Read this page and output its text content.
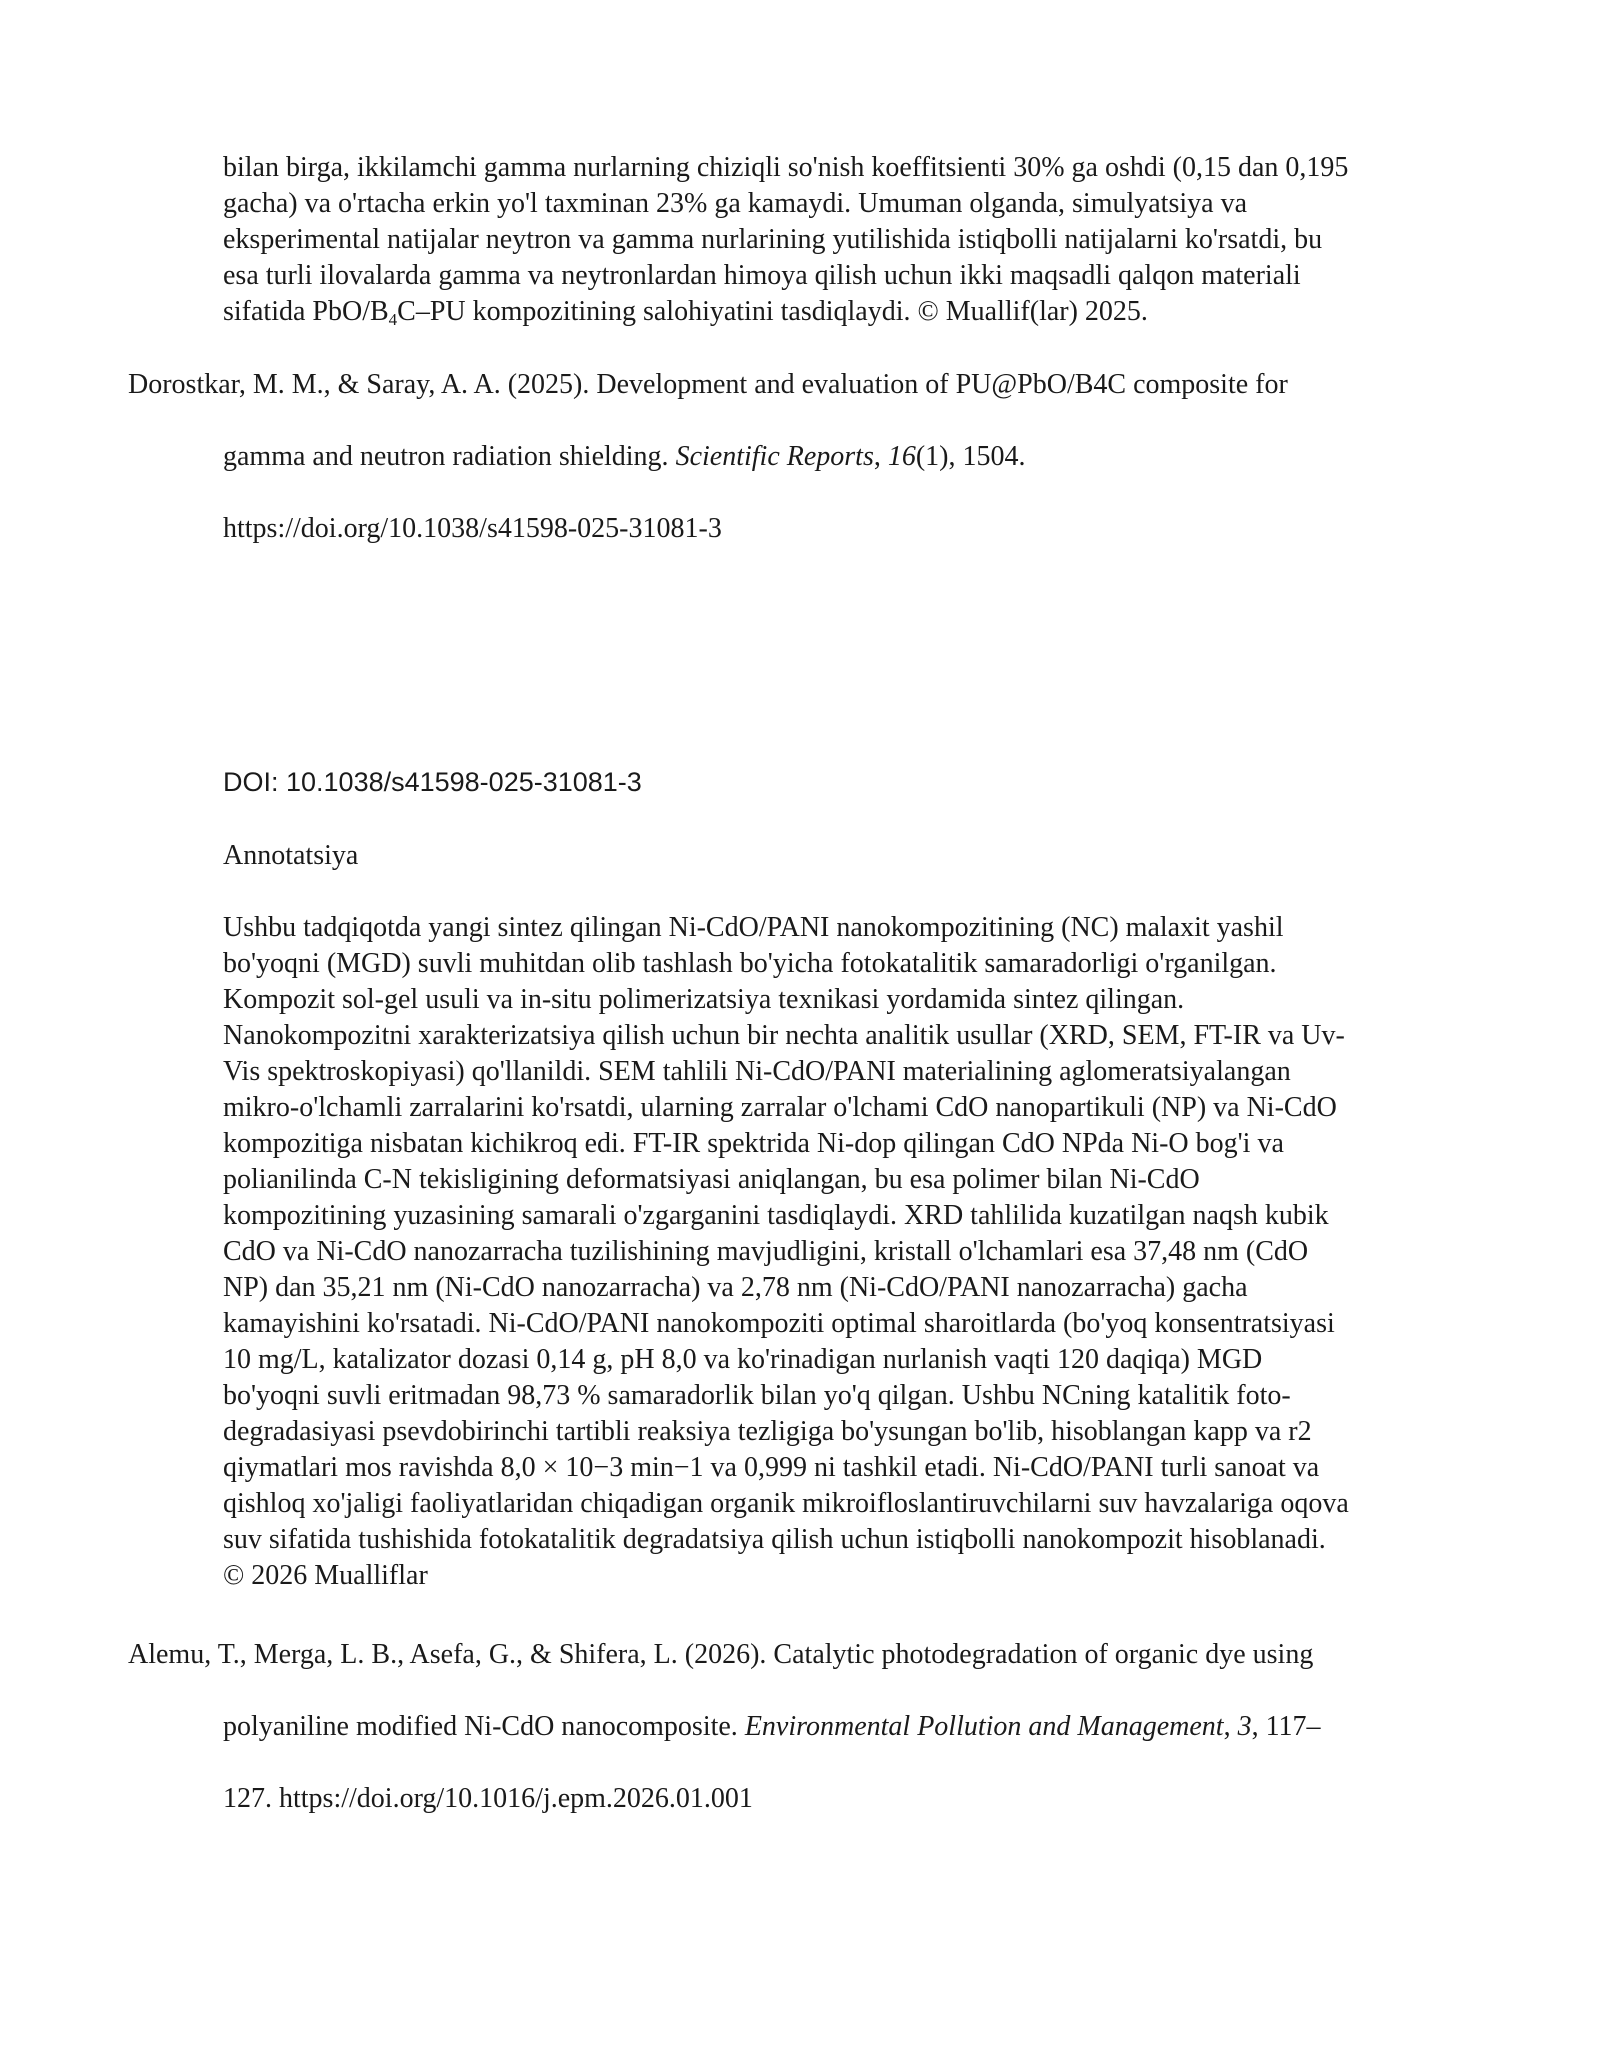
bilan birga, ikkilamchi gamma nurlarning chiziqli so'nish koeffitsienti 30% ga oshdi (0,15 dan 0,195
gacha) va o'rtacha erkin yo'l taxminan 23% ga kamaydi. Umuman olganda, simulyatsiya va
eksperimental natijalar neytron va gamma nurlarining yutilishida istiqbolli natijalarni ko'rsatdi, bu
esa turli ilovalarda gamma va neytronlardan himoya qilish uchun ikki maqsadli qalqon materiali
sifatida PbO/$B_4C-PU$ kompozitining salohiyatini tasdiqlaydi. © Muallif(lar) 2025.
Dorostkar, M. M., & Saray, A. A. (2025). Development and evaluation of PU@PbO/B4C composite for
gamma and neutron radiation shielding. Scientific Reports, 16(1), 1504.
https://doi.org/10.1038/s41598-025-31081-3
DOI: 10.1038/s41598-025-31081-3
Annotatsiya
Ushbu tadqiqotda yangi sintez qilingan Ni-CdO/PANI nanokompozitining (NC) malaxit yashil
bo'yoqni (MGD) suvli muhitdan olib tashlash bo'yicha fotokatalitik samaradorligi o'rganilgan.
Kompozit sol-gel usuli va in-situ polimerizatsiya texnikasi yordamida sintez qilingan.
Nanokompozitni xarakterizatsiya qilish uchun bir nechta analitik usullar (XRD, SEM, FT-IR va Uv-
Vis spektroskopiyasi) qo'llanildi. SEM tahlili Ni-CdO/PANI materialining aglomeratsiyalangan
mikro-o'lchamli zarralarini ko'rsatdi, ularning zarralar o'lchami CdO nanopartikuli (NP) va Ni-CdO
kompozitiga nisbatan kichikroq edi. FT-IR spektrida Ni-dop qilingan CdO NPda Ni-O bog'i va
polianilinda C-N tekisligining deformatsiyasi aniqlangan, bu esa polimer bilan Ni-CdO
kompozitining yuzasining samarali o'zgarganini tasdiqlaydi. XRD tahlilida kuzatilgan naqsh kubik
CdO va Ni-CdO nanozarracha tuzilishining mavjudligini, kristall o'lchamlari esa 37,48 nm (CdO
NP) dan 35,21 nm (Ni-CdO nanozarracha) va 2,78 nm (Ni-CdO/PANI nanozarracha) gacha
kamayishini ko'rsatadi. Ni-CdO/PANI nanokompoziti optimal sharoitlarda (bo'yoq konsentratsiyasi
10 mg/L, katalizator dozasi 0,14 g, pH 8,0 va ko'rinadigan nurlanish vaqti 120 daqiqa) MGD
bo'yoqni suvli eritmadan 98,73 % samaradorlik bilan yo'q qilgan. Ushbu NCning katalitik foto-
degradasiyasi psevdobirinchi tartibli reaksiya tezligiga bo'ysungan bo'lib, hisoblangan kapp va r2
qiymatlari mos ravishda 8,0 × 10−3 min−1 va 0,999 ni tashkil etadi. Ni-CdO/PANI turli sanoat va
qishloq xo'jaligi faoliyatlaridan chiqadigan organik mikroifloslantiruvchilarni suv havzalariga oqova
suv sifatida tushishida fotokatalitik degradatsiya qilish uchun istiqbolli nanokompozit hisoblanadi.
© 2026 Mualliflar
Alemu, T., Merga, L. B., Asefa, G., & Shifera, L. (2026). Catalytic photodegradation of organic dye using
polyaniline modified Ni-CdO nanocomposite. Environmental Pollution and Management, 3, 117–
127. https://doi.org/10.1016/j.epm.2026.01.001
